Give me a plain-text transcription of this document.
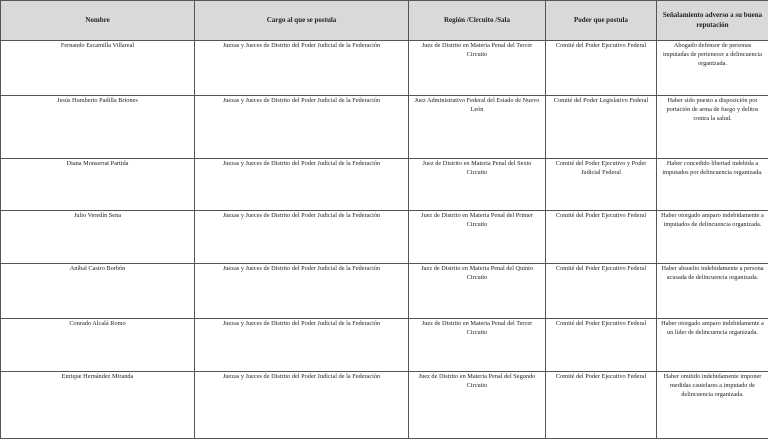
Nombre	Cargo al que se postula	Región /Circuito /Sala	Poder que postula	Señalamiento adverso a su buena reputación
Fernando Escamilla Villareal	Juezas y Jueces de Distrito del Poder Judicial de la Federación	Juez de Distrito en Materia Penal del Tercer Circuito	Comité del Poder Ejecutivo Federal	Abogado defensor de personas imputadas de pertenecer a delincuencia organizada.
Jesús Humberto Padilla Briones	Juezas y Jueces de Distrito del Poder Judicial de la Federación	Juez Administrativo Federal del Estado de Nuevo León	Comité del Poder Legislativo Federal	Haber sido puesto a disposición por portación de arma de fuego y delitos contra la salud.
Diana Monserrat Partida	Juezas y Jueces de Distrito del Poder Judicial de la Federación	Juez de Distrito en Materia Penal del Sexto Circuito	Comité del Poder Ejecutivo y Poder Judicial Federal	Haber concedido libertad indebida a imputados por delincuencia organizada.
Julio Veredín Sena	Juezas y Jueces de Distrito del Poder Judicial de la Federación	Juez de Distrito en Materia Penal del Primer Circuito	Comité del Poder Ejecutivo Federal	Haber otorgado amparo indebidamente a imputados de delincuencia organizada.
Aníbal Castro Borbón	Juezas y Jueces de Distrito del Poder Judicial de la Federación	Juez de Distrito en Materia Penal del Quinto Circuito	Comité del Poder Ejecutivo Federal	Haber absuelto indebidamente a persona acusada de delincuencia organizada.
Conrado Alcalá Romo	Juezas y Jueces de Distrito del Poder Judicial de la Federación	Juez de Distrito en Materia Penal del Tercer Circuito	Comité del Poder Ejecutivo Federal	Haber otorgado amparo indebidamente a un líder de delincuencia organizada.
Enrique Hernández Miranda	Juezas y Jueces de Distrito del Poder Judicial de la Federación	Juez de Distrito en Materia Penal del Segundo Circuito	Comité del Poder Ejecutivo Federal	Haber omitido indebidamente imponer medidas cautelares a imputado de delincuencia organizada.
